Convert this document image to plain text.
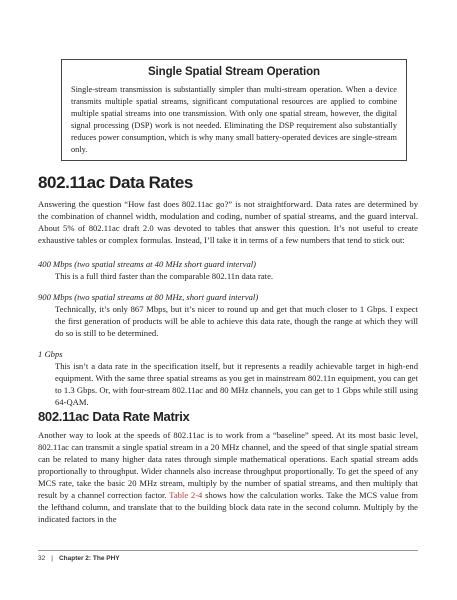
Single Spatial Stream Operation

Single-stream transmission is substantially simpler than multi-stream operation. When a device transmits multiple spatial streams, significant computational resources are applied to combine multiple spatial streams into one transmission. With only one spatial stream, however, the digital signal processing (DSP) work is not needed. Eliminating the DSP requirement also substantially reduces power consumption, which is why many small battery-operated devices are single-stream only.

802.11ac Data Rates

Answering the question “How fast does 802.11ac go?” is not straightforward. Data rates are determined by the combination of channel width, modulation and coding, number of spatial streams, and the guard interval. About 5% of 802.11ac draft 2.0 was devoted to tables that answer this question. It’s not useful to create exhaustive tables or complex formulas. Instead, I’ll take it in terms of a few numbers that tend to stick out:

400 Mbps (two spatial streams at 40 MHz short guard interval)

This is a full third faster than the comparable 802.11n data rate.

900 Mbps (two spatial streams at 80 MHz, short guard interval)

Technically, it’s only 867 Mbps, but it’s nicer to round up and get that much closer to 1 Gbps. I expect the first generation of products will be able to achieve this data rate, though the range at which they will do so is still to be determined.

1 Gbps

This isn’t a data rate in the specification itself, but it represents a readily achievable target in high-end equipment. With the same three spatial streams as you get in mainstream 802.11n equipment, you can get to 1.3 Gbps. Or, with four-stream 802.11ac and 80 MHz channels, you can get to 1 Gbps while still using 64-QAM.

802.11ac Data Rate Matrix

Another way to look at the speeds of 802.11ac is to work from a “baseline” speed. At its most basic level, 802.11ac can transmit a single spatial stream in a 20 MHz channel, and the speed of that single spatial stream can be related to many higher data rates through simple mathematical operations. Each spatial stream adds proportionally to throughput. Wider channels also increase throughput proportionally. To get the speed of any MCS rate, take the basic 20 MHz stream, multiply by the number of spatial streams, and then multiply that result by a channel correction factor. Table 2-4 shows how the calculation works. Take the MCS value from the lefthand column, and translate that to the building block data rate in the second column. Multiply by the indicated factors in the

32 | Chapter 2: The PHY
